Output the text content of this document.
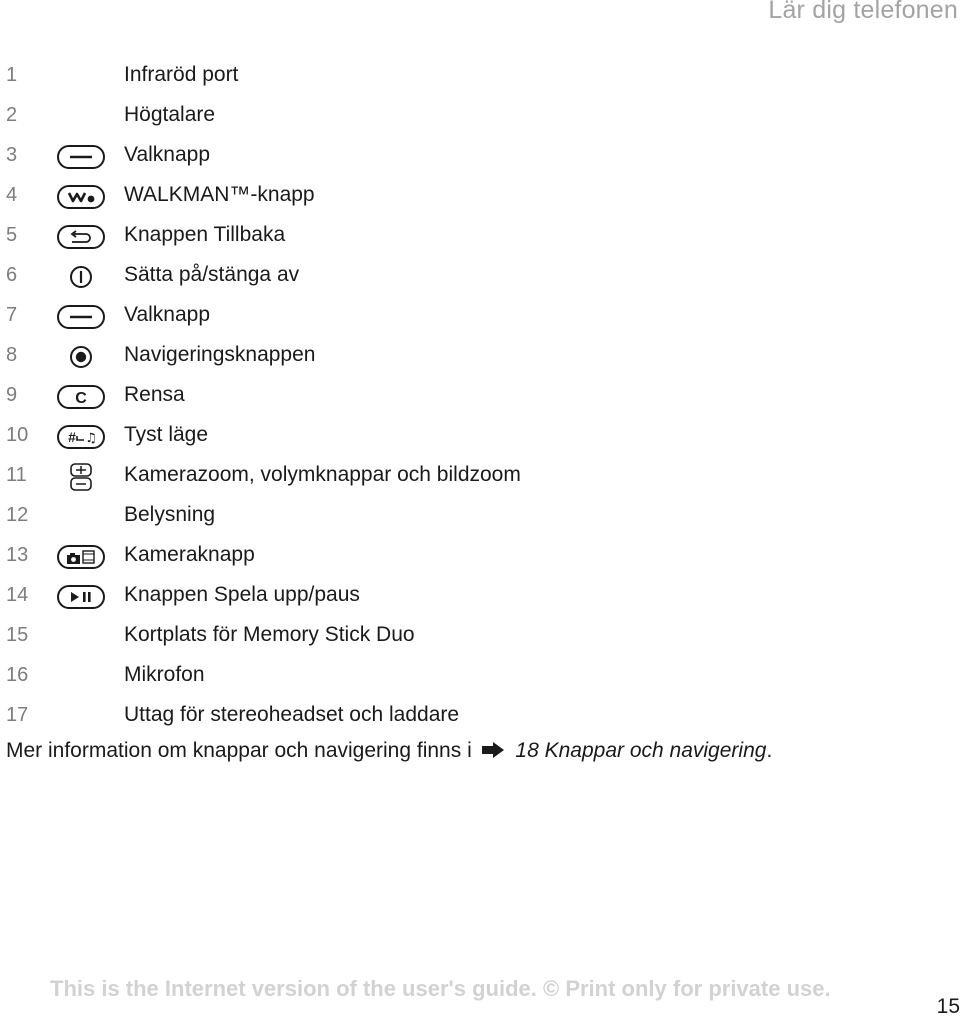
Lär dig telefonen
1	Infraröd port
2	Högtalare
3	Valknapp
4	WALKMAN™-knapp
5	Knappen Tillbaka
6	Sätta på/stänga av
7	Valknapp
8	Navigeringsknappen
9	C Rensa
10	# ♫ Tyst läge
11	Kamerazoom, volymknappar och bildzoom
12	Belysning
13	Kameraknapp
14	Knappen Spela upp/paus
15	Kortplats för Memory Stick Duo
16	Mikrofon
17	Uttag för stereoheadset och laddare
Mer information om knappar och navigering finns i 18 Knappar och navigering.
This is the Internet version of the user's guide. © Print only for private use.
15
